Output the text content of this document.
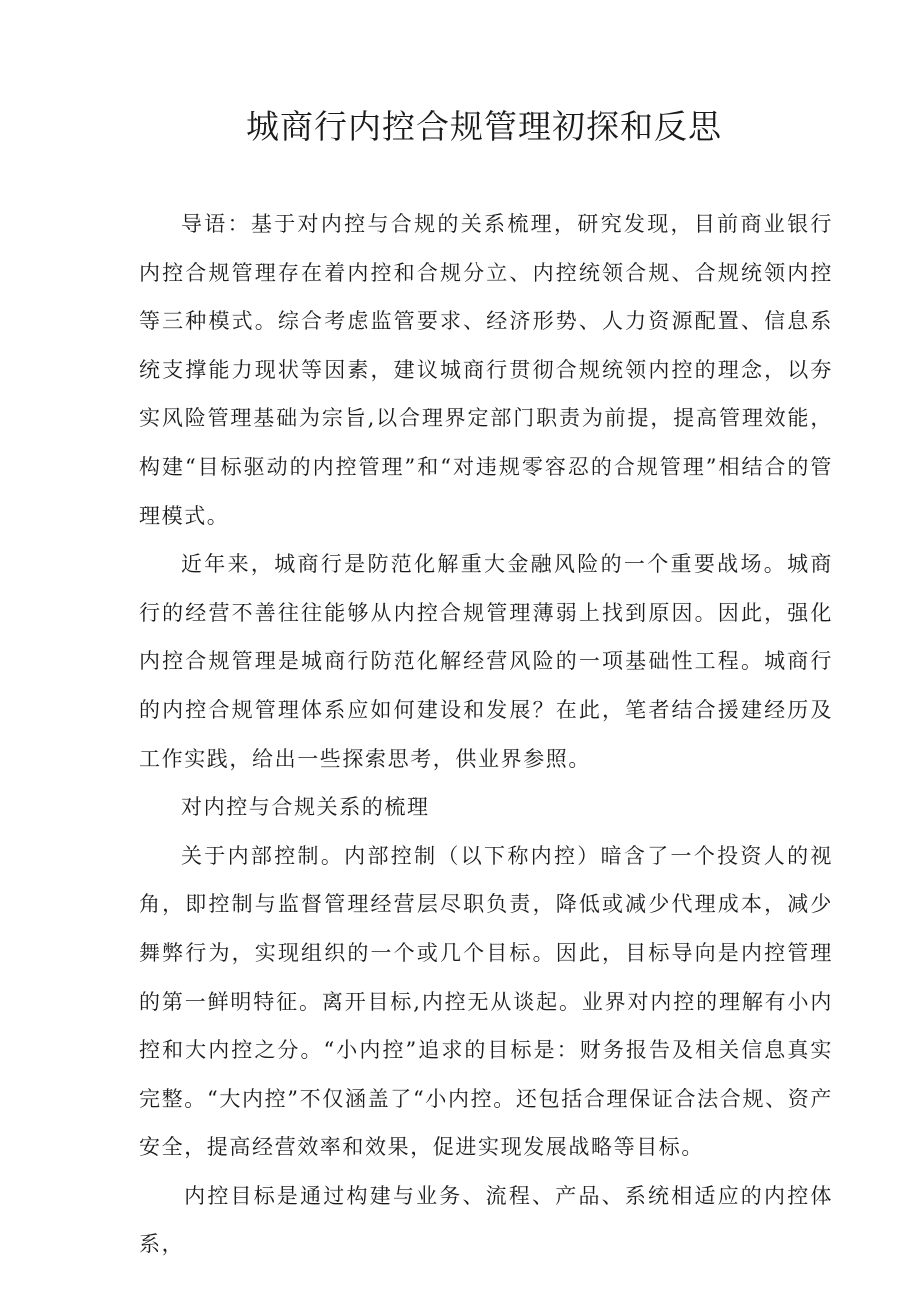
城商行内控合规管理初探和反思

导语：基于对内控与合规的关系梳理，研究发现，目前商业银行内控合规管理存在着内控和合规分立、内控统领合规、合规统领内控等三种模式。综合考虑监管要求、经济形势、人力资源配置、信息系统支撑能力现状等因素，建议城商行贯彻合规统领内控的理念，以夯实风险管理基础为宗旨,以合理界定部门职责为前提，提高管理效能，构建“目标驱动的内控管理”和“对违规零容忍的合规管理”相结合的管理模式。

近年来，城商行是防范化解重大金融风险的一个重要战场。城商行的经营不善往往能够从内控合规管理薄弱上找到原因。因此，强化内控合规管理是城商行防范化解经营风险的一项基础性工程。城商行的内控合规管理体系应如何建设和发展？在此，笔者结合援建经历及工作实践，给出一些探索思考，供业界参照。

对内控与合规关系的梳理

关于内部控制。内部控制（以下称内控）暗含了一个投资人的视角，即控制与监督管理经营层尽职负责，降低或减少代理成本，减少舞弊行为，实现组织的一个或几个目标。因此，目标导向是内控管理的第一鲜明特征。离开目标,内控无从谈起。业界对内控的理解有小内控和大内控之分。“小内控”追求的目标是：财务报告及相关信息真实完整。“大内控”不仅涵盖了“小内控。还包括合理保证合法合规、资产安全，提高经营效率和效果，促进实现发展战略等目标。

内控目标是通过构建与业务、流程、产品、系统相适应的内控体系，
